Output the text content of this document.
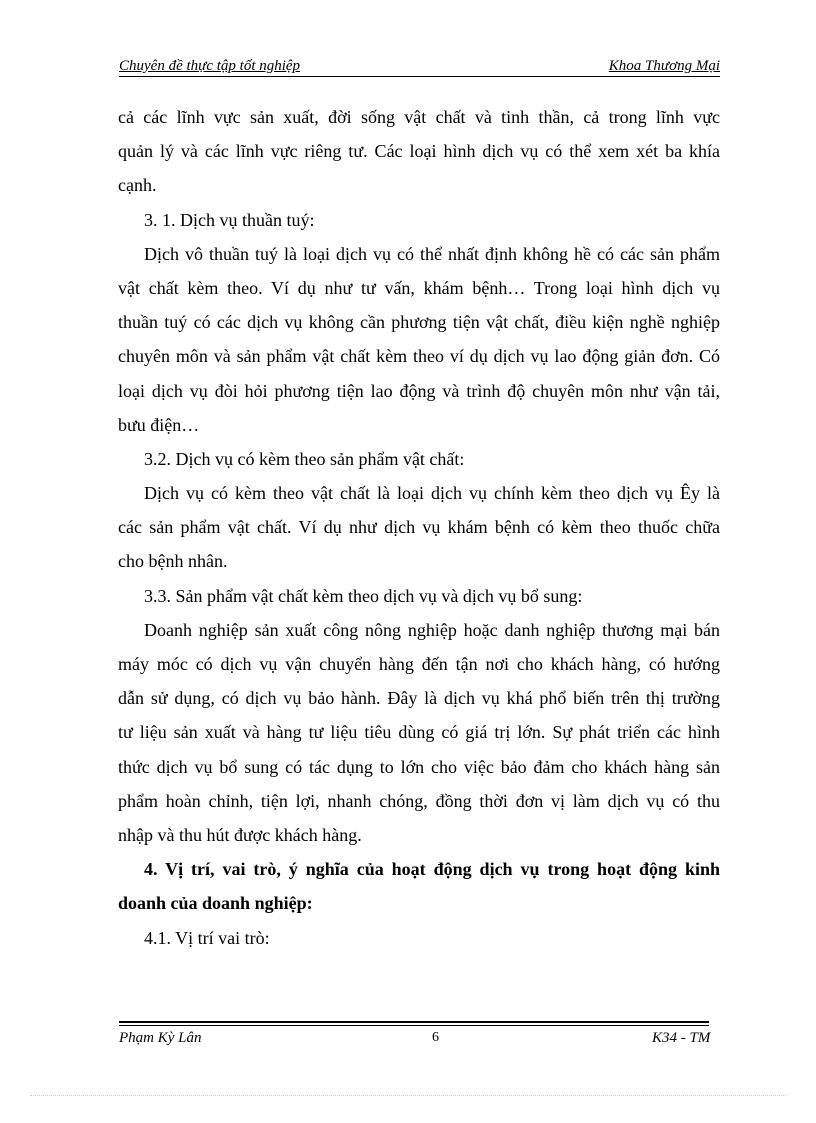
Chuyên đề thực tập tốt nghiệp	Khoa Thương Mại
cả các lĩnh vực sản xuất, đời sống vật chất và tinh thần, cả trong lĩnh vực
quản lý và các lĩnh vực riêng tư. Các loại hình dịch vụ có thể xem xét ba khía
cạnh.
3. 1. Dịch vụ thuần tuý:
Dịch vô thuần tuý là loại dịch vụ có thể nhất định không hề có các sản phẩm
vật chất kèm theo. Ví dụ như tư vấn, khám bệnh… Trong loại hình dịch vụ
thuần tuý có các dịch vụ không cần phương tiện vật chất, điều kiện nghề nghiệp
chuyên môn và sản phẩm vật chất kèm theo ví dụ dịch vụ lao động giản đơn. Có
loại dịch vụ đòi hỏi phương tiện lao động và trình độ chuyên môn như vận tải,
bưu điện…
3.2. Dịch vụ có kèm theo sản phẩm vật chất:
Dịch vụ có kèm theo vật chất là loại dịch vụ chính kèm theo dịch vụ Êy là
các sản phẩm vật chất. Ví dụ như dịch vụ khám bệnh có kèm theo thuốc chữa
cho bệnh nhân.
3.3. Sản phẩm vật chất kèm theo dịch vụ và dịch vụ bổ sung:
Doanh nghiệp sản xuất công nông nghiệp hoặc danh nghiệp thương mại bán
máy móc có dịch vụ vận chuyển hàng đến tận nơi cho khách hàng, có hướng
dẫn sử dụng, có dịch vụ bảo hành. Đây là dịch vụ khá phổ biến trên thị trường
tư liệu sản xuất và hàng tư liệu tiêu dùng có giá trị lớn. Sự phát triển các hình
thức dịch vụ bổ sung có tác dụng to lớn cho việc bảo đảm cho khách hàng sản
phẩm hoàn chỉnh, tiện lợi, nhanh chóng, đồng thời đơn vị làm dịch vụ có thu
nhập và thu hút được khách hàng.
4. Vị trí, vai trò, ý nghĩa của hoạt động dịch vụ trong hoạt động kinh
doanh của doanh nghiệp:
4.1. Vị trí vai trò:
Phạm Kỳ Lân	6	K34 - TM
